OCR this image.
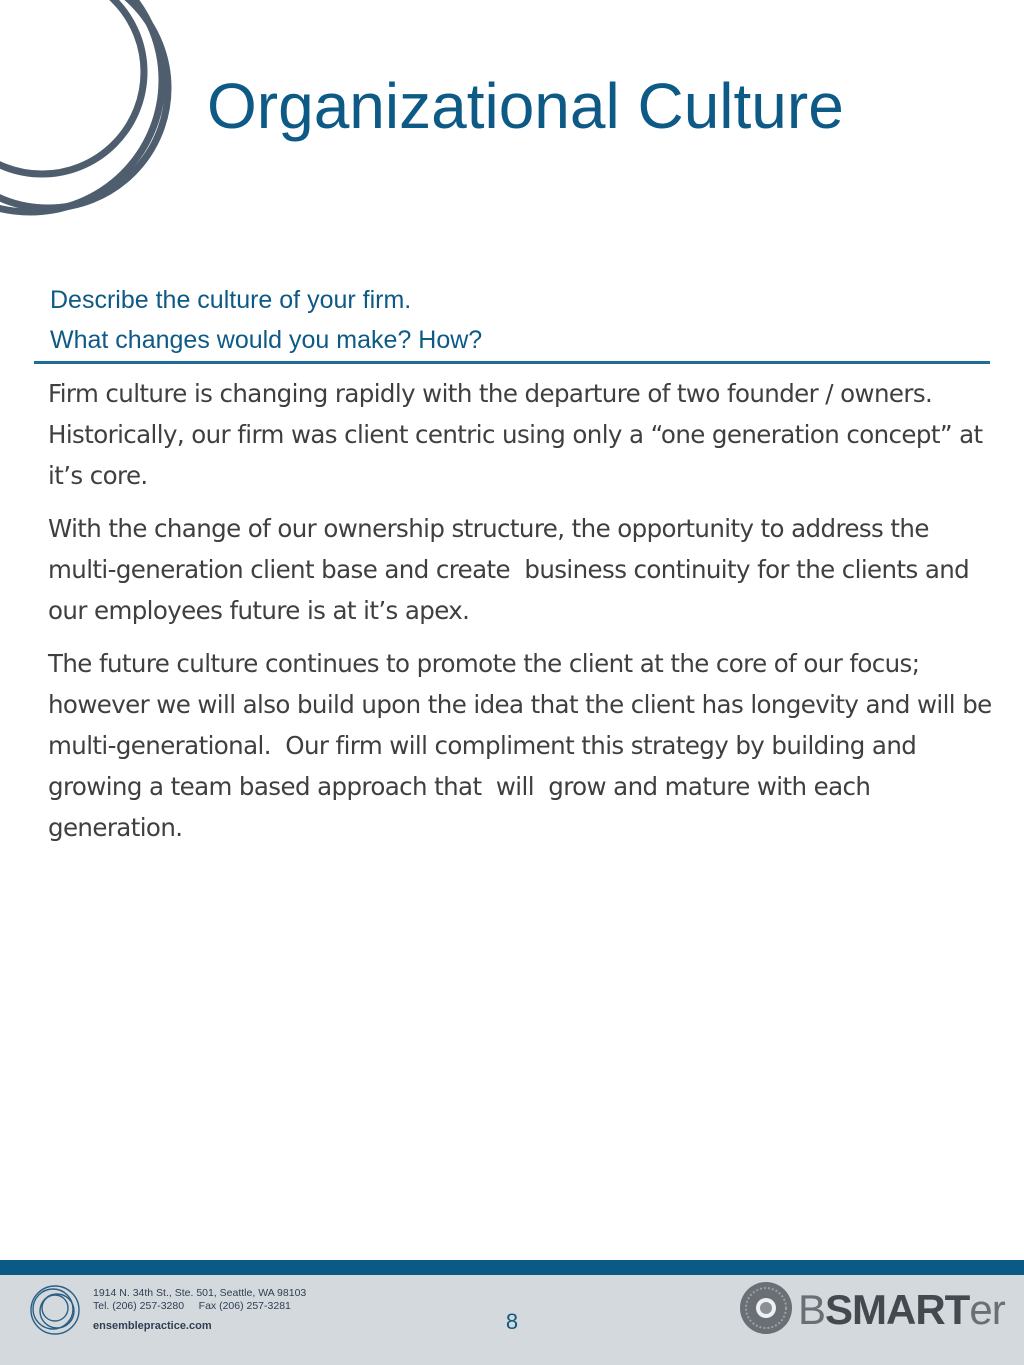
Organizational Culture
Describe the culture of your firm.
What changes would you make? How?

Firm culture is changing rapidly with the departure of two founder / owners.  Historically, our firm was client centric using only a “one generation concept” at it’s core.

With the change of our ownership structure, the opportunity to address the multi-generation client base and create  business continuity for the clients and our employees future is at it’s apex.

The future culture continues to promote the client at the core of our focus; however we will also build upon the idea that the client has longevity and will be multi-generational.  Our firm will compliment this strategy by building and growing a team based approach that  will  grow and mature with each generation.

1914 N. 34th St., Ste. 501, Seattle, WA 98103
Tel. (206) 257-3280 Fax (206) 257-3281
ensemblepractice.com	8	BSMARTer
